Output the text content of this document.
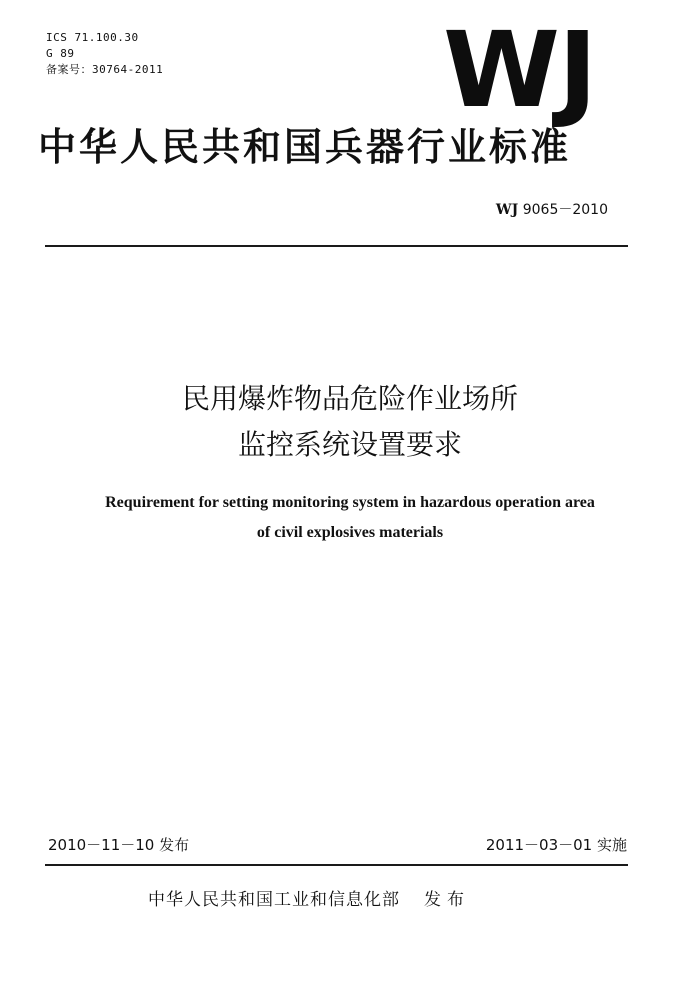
ICS 71.100.30
G 89
备案号：30764-2011	WJ
中华人民共和国兵器行业标准
WJ 9065－2010
民用爆炸物品危险作业场所
监控系统设置要求
Requirement for setting monitoring system in hazardous operation area
of civil explosives materials
2010－11－10 发布	2011－03－01 实施
中华人民共和国工业和信息化部 发布
